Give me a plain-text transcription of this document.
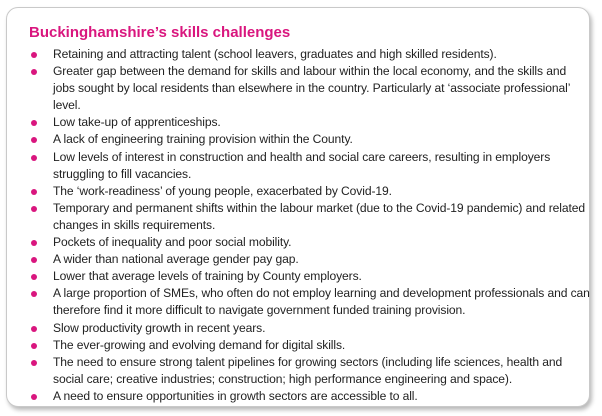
Buckinghamshire’s skills challenges
Retaining and attracting talent (school leavers, graduates and high skilled residents).
Greater gap between the demand for skills and labour within the local economy, and the skills and jobs sought by local residents than elsewhere in the country. Particularly at ‘associate professional’ level.
Low take-up of apprenticeships.
A lack of engineering training provision within the County.
Low levels of interest in construction and health and social care careers, resulting in employers struggling to fill vacancies.
The ‘work-readiness’ of young people, exacerbated by Covid-19.
Temporary and permanent shifts within the labour market (due to the Covid-19 pandemic) and related changes in skills requirements.
Pockets of inequality and poor social mobility.
A wider than national average gender pay gap.
Lower that average levels of training by County employers.
A large proportion of SMEs, who often do not employ learning and development professionals and can therefore find it more difficult to navigate government funded training provision.
Slow productivity growth in recent years.
The ever-growing and evolving demand for digital skills.
The need to ensure strong talent pipelines for growing sectors (including life sciences, health and social care; creative industries; construction; high performance engineering and space).
A need to ensure opportunities in growth sectors are accessible to all.
